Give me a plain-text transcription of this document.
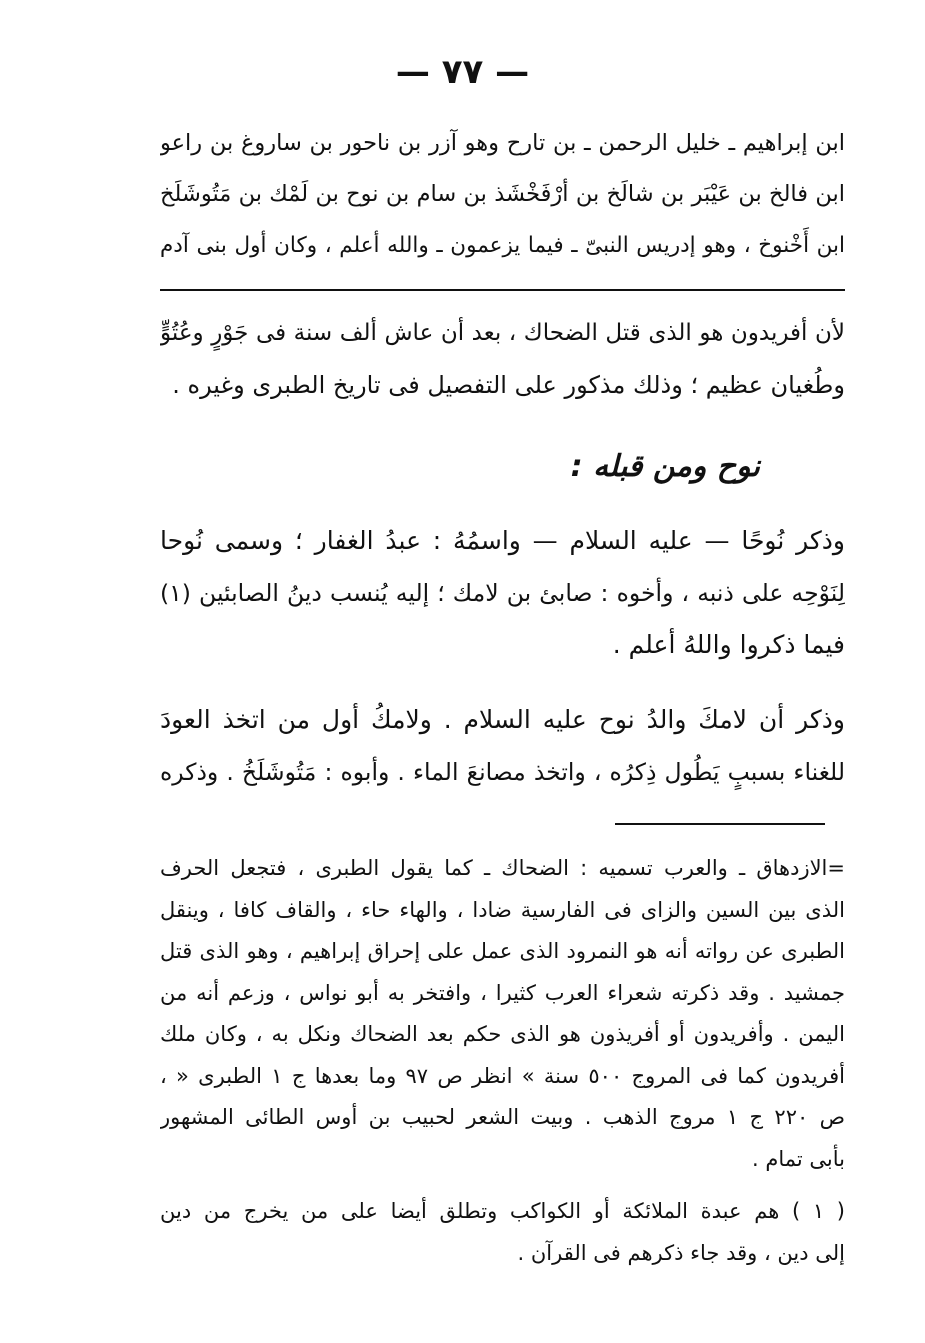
— ٧٧ —
ابن إبراهيم ـ خليل الرحمن ـ بن تارح وهو آزر بن ناحور بن ساروغ بن راعو
ابن فالخ بن عَيْبَر بن شالَخ بن أرْفَخْشَذ بن سام بن نوح بن لَمْك بن مَتُوشَلَخ
ابن أَخْنوخ ، وهو إدريس النبىّ ـ فيما يزعمون ـ والله أعلم ، وكان أول بنى آدم
لأن أفريدون هو الذى قتل الضحاك ، بعد أن عاش ألف سنة فى جَوْرٍ وعُتُوٍّ
وطُغيان عظيم ؛ وذلك مذكور على التفصيل فى تاريخ الطبرى وغيره .
نوح ومن قبله :
وذكر نُوحًا — عليه السلام — واسمُهُ : عبدُ الغفار ؛ وسمى نُوحا
لِنَوْحِه على ذنبه ، وأخوه : صابئ بن لامك ؛ إليه يُنسب دينُ الصابئين (١)
فيما ذكروا واللهُ أعلم .
وذكر أن لامكَ والدُ نوح عليه السلام . ولامكُ أول من اتخذ العودَ
للغناء بسببٍ يَطُول ذِكرُه ، واتخذ مصانعَ الماء . وأبوه : مَتُوشَلَخُ . وذكره
=الازدهاق ـ والعرب تسميه : الضحاك ـ كما يقول الطبرى ، فتجعل الحرف
الذى بين السين والزاى فى الفارسية ضادا ، والهاء حاء ، والقاف كافا ، وينقل
الطبرى عن رواته أنه هو النمرود الذى عمل على إحراق إبراهيم ، وهو الذى قتل
جمشيد . وقد ذكرته شعراء العرب كثيرا ، وافتخر به أبو نواس ، وزعم أنه من
اليمن . وأفريدون أو أفريذون هو الذى حكم بعد الضحاك ونكل به ، وكان ملك
أفريدون كما فى المروج ٥٠٠ سنة » انظر ص ٩٧ وما بعدها ج ١ الطبرى « ،
ص ٢٢٠ ج ١ مروج الذهب . وبيت الشعر لحبيب بن أوس الطائى المشهور
بأبى تمام .
( ١ ) هم عبدة الملائكة أو الكواكب وتطلق أيضا على من يخرج من دين
إلى دين ، وقد جاء ذكرهم فى القرآن .
